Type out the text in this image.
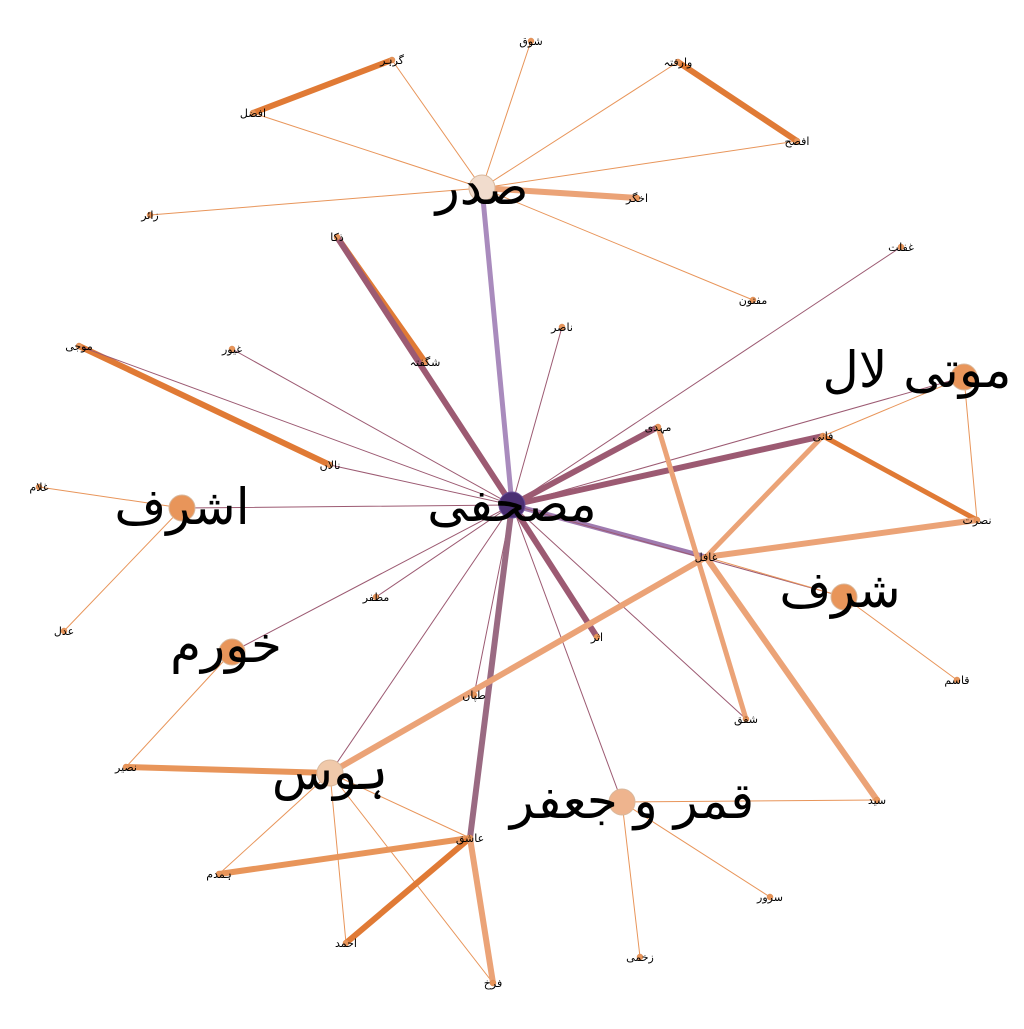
مصحفی
صدر
موتی لال
اشرف
شرف
خورم
ہوس قمر و جعفر
گرہر
شوق
وارفتہ
افضل
افصح
اخگر
زائر
ذکا
غفلت
مفتون
ناصر
غیور
شگفتہ
موجی
مہدی
فانی
نالاں
غلام
نصرت
غافل
مظفر
عدل	اثر
قاسم
طپاں
شفق
نصیر
سید
عاشق
ہمدم
سرور
احمد
زخمی
فرخ
